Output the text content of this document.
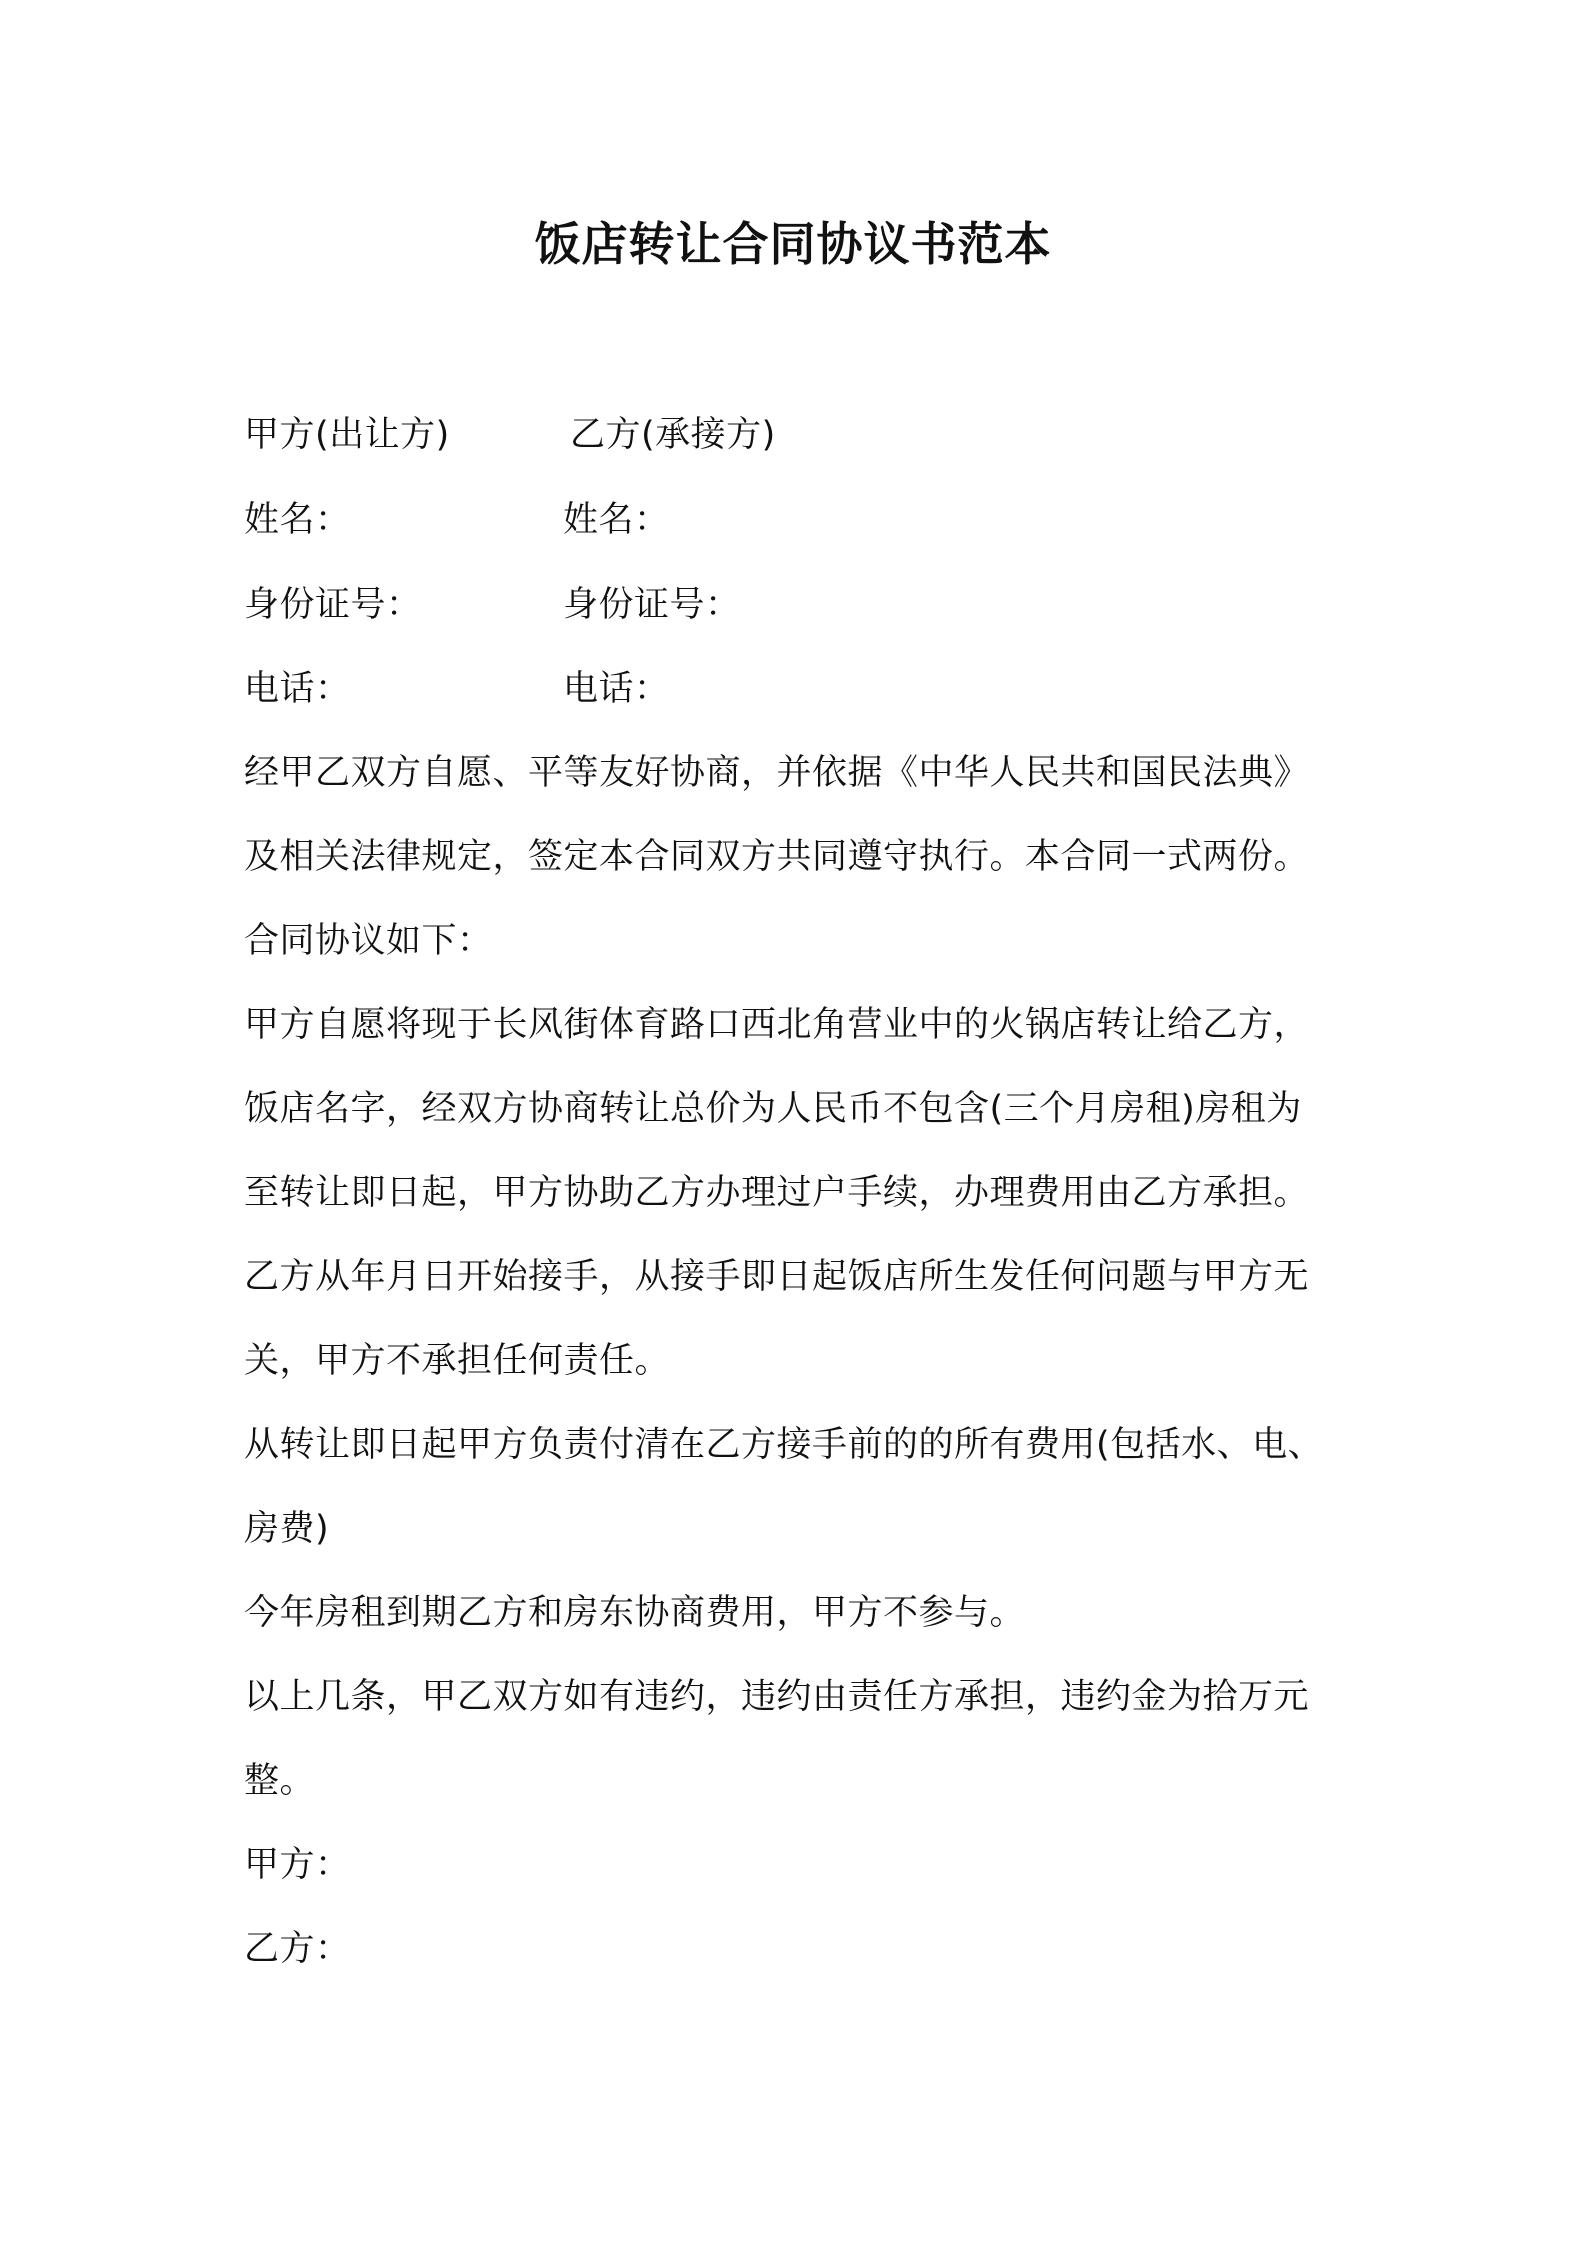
饭店转让合同协议书范本
甲方(出让方)	乙方(承接方)
姓名：	姓名：
身份证号：	身份证号：
电话：	电话：
经甲乙双方自愿、平等友好协商，并依据《中华人民共和国民法典》
及相关法律规定，签定本合同双方共同遵守执行。本合同一式两份。
合同协议如下：
甲方自愿将现于长风街体育路口西北角营业中的火锅店转让给乙方，
饭店名字，经双方协商转让总价为人民币不包含(三个月房租)房租为
至转让即日起，甲方协助乙方办理过户手续，办理费用由乙方承担。
乙方从年月日开始接手，从接手即日起饭店所生发任何问题与甲方无
关，甲方不承担任何责任。
从转让即日起甲方负责付清在乙方接手前的的所有费用(包括水、电、
房费)
今年房租到期乙方和房东协商费用，甲方不参与。
以上几条，甲乙双方如有违约，违约由责任方承担，违约金为拾万元
整。
甲方：
乙方：
